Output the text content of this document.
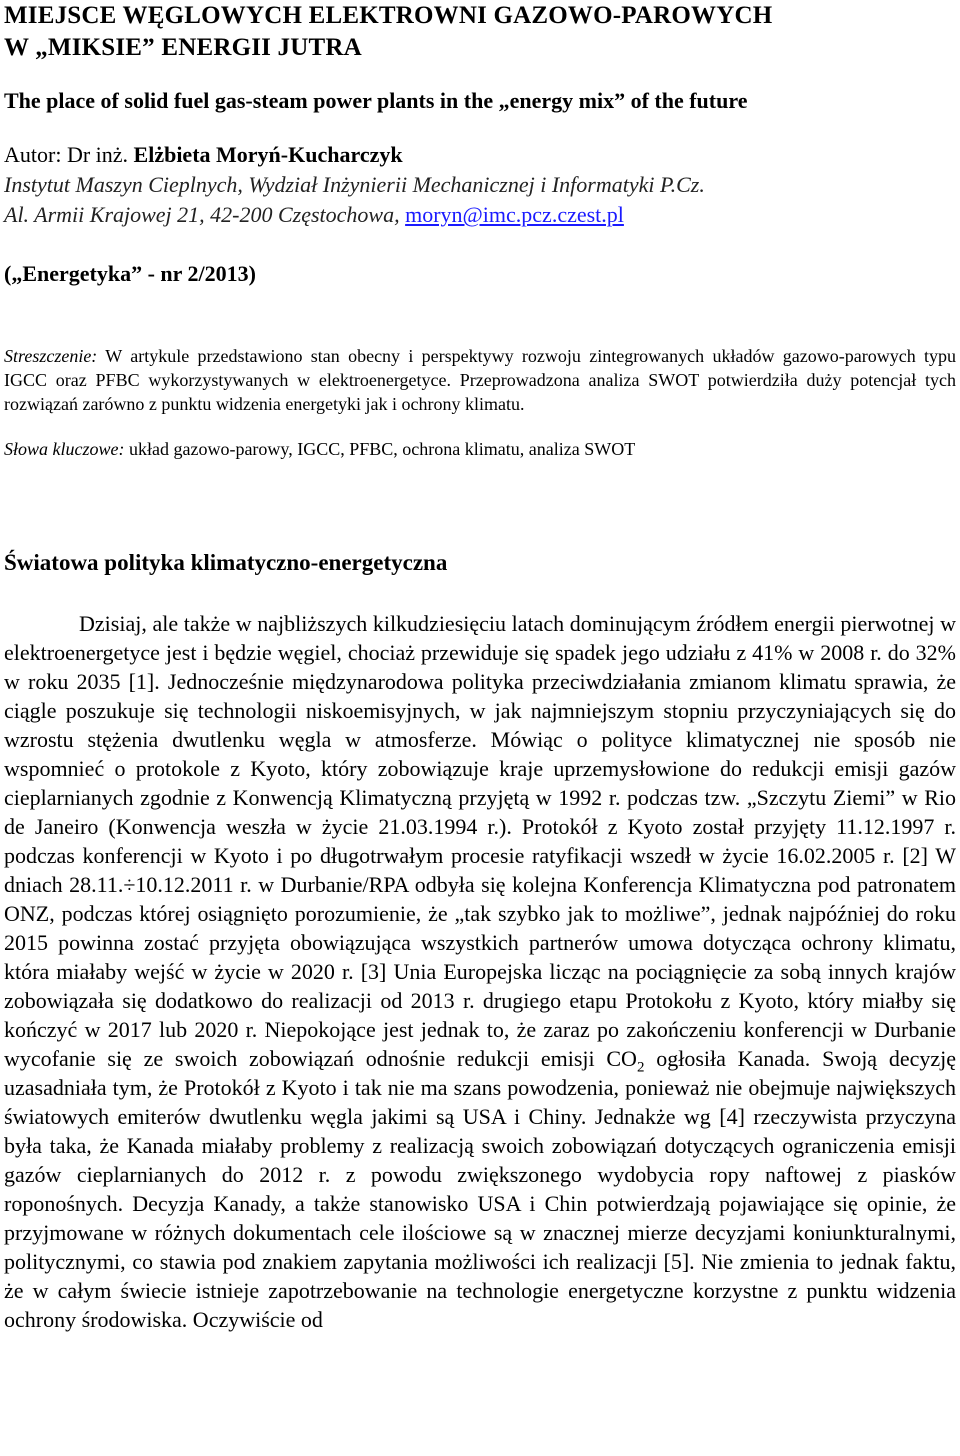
MIEJSCE WĘGLOWYCH ELEKTROWNI GAZOWO-PAROWYCH
W „MIKSIE” ENERGII JUTRA
The place of solid fuel gas-steam power plants in the „energy mix” of the future
Autor: Dr inż. Elżbieta Moryń-Kucharczyk
Instytut Maszyn Cieplnych, Wydział Inżynierii Mechanicznej i Informatyki P.Cz.
Al. Armii Krajowej 21, 42-200 Częstochowa, moryn@imc.pcz.czest.pl
(„Energetyka” - nr 2/2013)
Streszczenie: W artykule przedstawiono stan obecny i perspektywy rozwoju zintegrowanych układów gazowo-parowych typu IGCC oraz PFBC wykorzystywanych w elektroenergetyce. Przeprowadzona analiza SWOT potwierdziła duży potencjał tych rozwiązań zarówno z punktu widzenia energetyki jak i ochrony klimatu.
Słowa kluczowe: układ gazowo-parowy, IGCC, PFBC, ochrona klimatu, analiza SWOT
Światowa polityka klimatyczno-energetyczna
Dzisiaj, ale także w najbliższych kilkudziesięciu latach dominującym źródłem energii pierwotnej w elektroenergetyce jest i będzie węgiel, chociaż przewiduje się spadek jego udziału z 41% w 2008 r. do 32% w roku 2035 [1]. Jednocześnie międzynarodowa polityka przeciwdziałania zmianom klimatu sprawia, że ciągle poszukuje się technologii niskoemisyjnych, w jak najmniejszym stopniu przyczyniających się do wzrostu stężenia dwutlenku węgla w atmosferze. Mówiąc o polityce klimatycznej nie sposób nie wspomnieć o protokole z Kyoto, który zobowiązuje kraje uprzemysłowione do redukcji emisji gazów cieplarnianych zgodnie z Konwencją Klimatyczną przyjętą w 1992 r. podczas tzw. „Szczytu Ziemi” w Rio de Janeiro (Konwencja weszła w życie 21.03.1994 r.). Protokół z Kyoto został przyjęty 11.12.1997 r. podczas konferencji w Kyoto i po długotrwałym procesie ratyfikacji wszedł w życie 16.02.2005 r. [2] W dniach 28.11.÷10.12.2011 r. w Durbanie/RPA odbyła się kolejna Konferencja Klimatyczna pod patronatem ONZ, podczas której osiągnięto porozumienie, że „tak szybko jak to możliwe”, jednak najpóźniej do roku 2015 powinna zostać przyjęta obowiązująca wszystkich partnerów umowa dotycząca ochrony klimatu, która miałaby wejść w życie w 2020 r. [3] Unia Europejska licząc na pociągnięcie za sobą innych krajów zobowiązała się dodatkowo do realizacji od 2013 r. drugiego etapu Protokołu z Kyoto, który miałby się kończyć w 2017 lub 2020 r. Niepokojące jest jednak to, że zaraz po zakończeniu konferencji w Durbanie wycofanie się ze swoich zobowiązań odnośnie redukcji emisji $CO_2$ ogłosiła Kanada. Swoją decyzję uzasadniała tym, że Protokół z Kyoto i tak nie ma szans powodzenia, ponieważ nie obejmuje największych światowych emiterów dwutlenku węgla jakimi są USA i Chiny. Jednakże wg [4] rzeczywista przyczyna była taka, że Kanada miałaby problemy z realizacją swoich zobowiązań dotyczących ograniczenia emisji gazów cieplarnianych do 2012 r. z powodu zwiększonego wydobycia ropy naftowej z piasków roponośnych. Decyzja Kanady, a także stanowisko USA i Chin potwierdzają pojawiające się opinie, że przyjmowane w różnych dokumentach cele ilościowe są w znacznej mierze decyzjami koniunkturalnymi, politycznymi, co stawia pod znakiem zapytania możliwości ich realizacji [5]. Nie zmienia to jednak faktu, że w całym świecie istnieje zapotrzebowanie na technologie energetyczne korzystne z punktu widzenia ochrony środowiska. Oczywiście od
